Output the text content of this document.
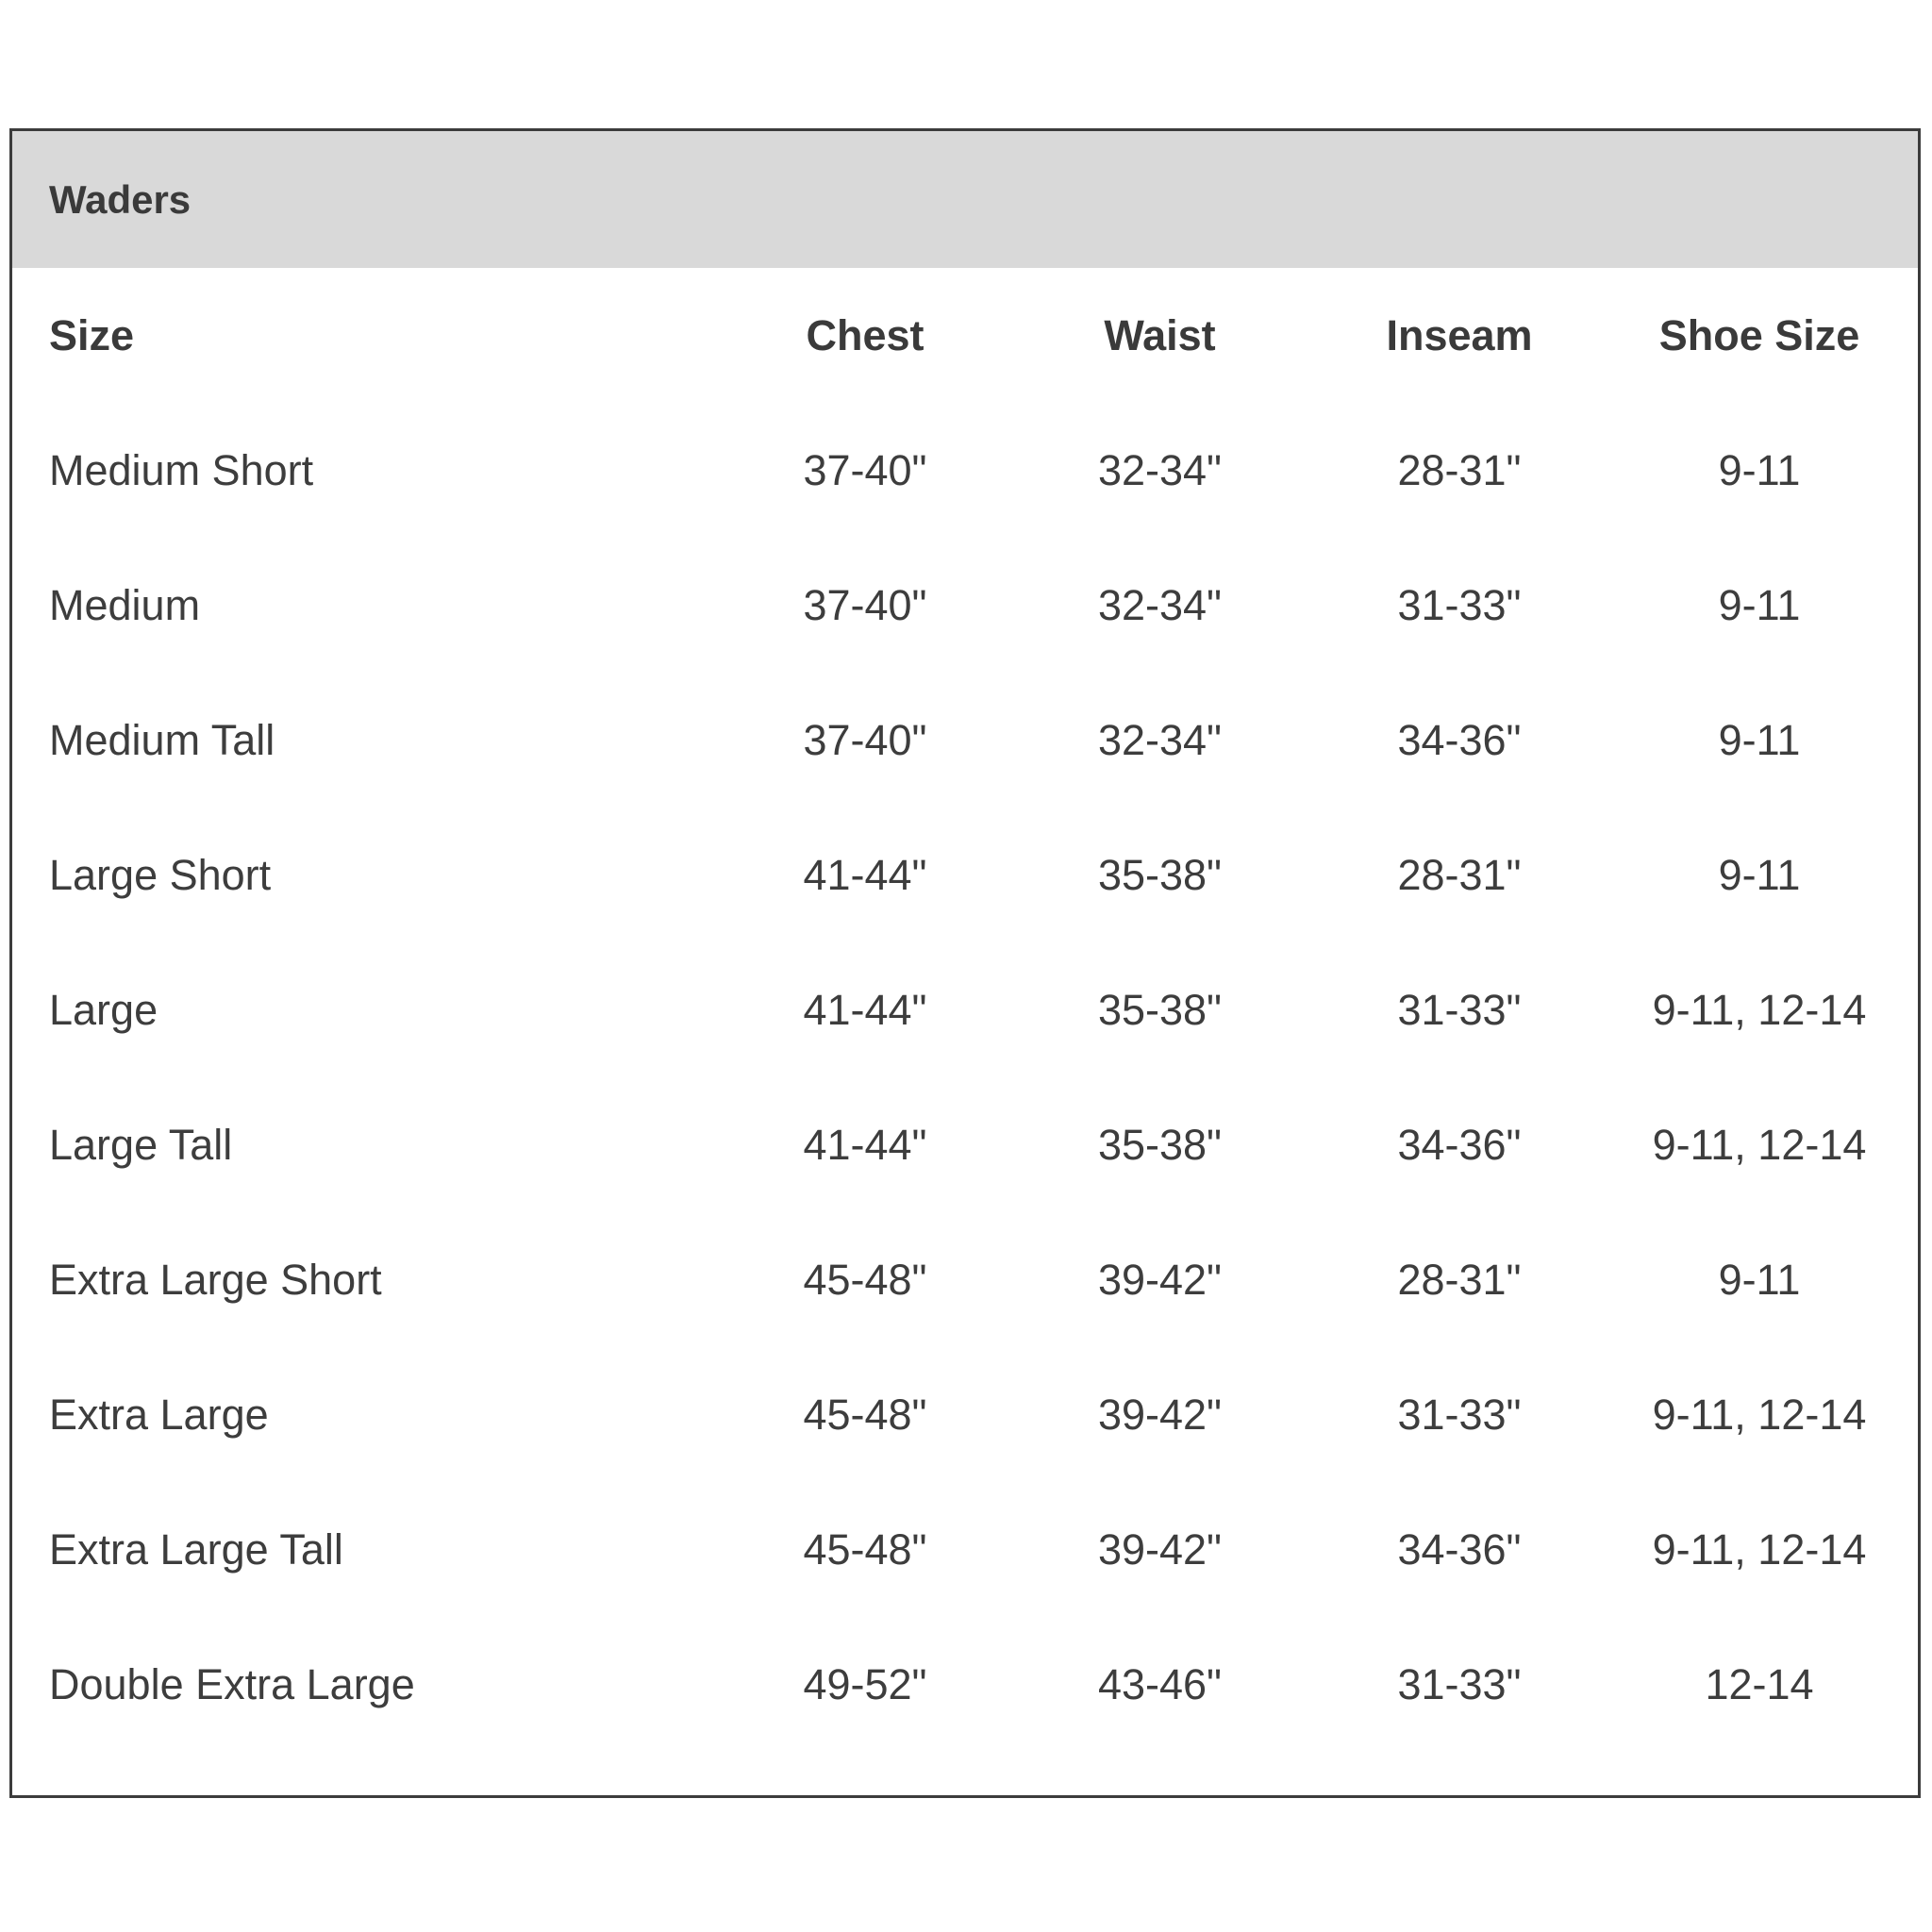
Waders
Size	Chest	Waist	Inseam	Shoe Size
Medium Short	37-40"	32-34"	28-31"	9-11
Medium	37-40"	32-34"	31-33"	9-11
Medium Tall	37-40"	32-34"	34-36"	9-11
Large Short	41-44"	35-38"	28-31"	9-11
Large	41-44"	35-38"	31-33"	9-11, 12-14
Large Tall	41-44"	35-38"	34-36"	9-11, 12-14
Extra Large Short	45-48"	39-42"	28-31"	9-11
Extra Large	45-48"	39-42"	31-33"	9-11, 12-14
Extra Large Tall	45-48"	39-42"	34-36"	9-11, 12-14
Double Extra Large	49-52"	43-46"	31-33"	12-14
